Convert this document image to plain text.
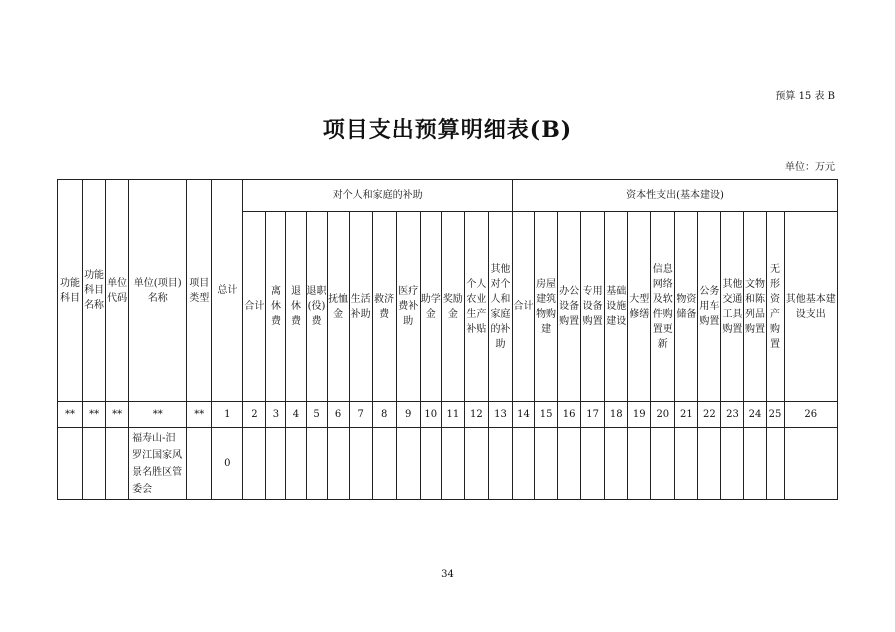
预算 15 表 B
项目支出预算明细表(B)
单位：万元
功能科目	功能科目名称	单位代码	单位(项目)名称	项目类型	总计	对个人和家庭的补助												资本性支出(基本建设)												
						合计	离休费	退休费	退职(役)费	抚恤金	生活补助	救济费	医疗费补助	助学金	奖励金	个人农业生产补贴	其他对个人和家庭的补助	合计	房屋建筑物购建	办公设备购置	专用设备购置	基础设施建设	大型修缮	信息网络及软件购置更新	物资储备	公务用车购置	其他交通工具购置	文物和陈列品购置	无形资产购置	其他基本建设支出
**	**	**	**	**	1	2	3	4	5	6	7	8	9	10	11	12	13	14	15	16	17	18	19	20	21	22	23	24	25	26
			福寿山-汨罗江国家风景名胜区管委会		0																									
34
